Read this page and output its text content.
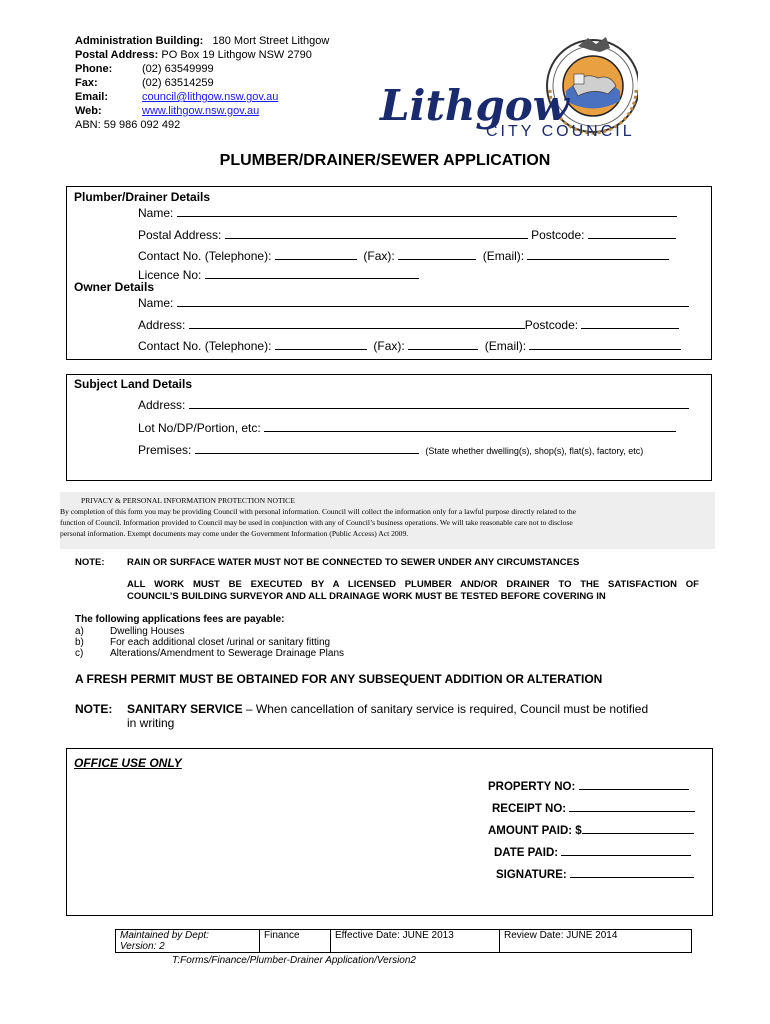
Administration Building: 180 Mort Street Lithgow
Postal Address: PO Box 19 Lithgow NSW 2790
Phone:	(02) 63549999
Fax:	(02) 63514259
Email:	council@lithgow.nsw.gov.au
Web:	www.lithgow.nsw.gov.au
ABN: 59 986 092 492	Lithgow
CITY COUNCIL
PLUMBER/DRAINER/SEWER APPLICATION
Plumber/Drainer Details
Name:
Postal Address:	Postcode:
Contact No. (Telephone):	(Fax):	(Email):
Licence No:
Owner Details
Name:
Address:	Postcode:
Contact No. (Telephone):	(Fax):	(Email):
Subject Land Details
Address:
Lot No/DP/Portion, etc:
Premises:	(State whether dwelling(s), shop(s), flat(s), factory, etc)
PRIVACY & PERSONAL INFORMATION PROTECTION NOTICE
By completion of this form you may be providing Council with personal information. Council will collect the information only for a lawful purpose directly related to the
function of Council. Information provided to Council may be used in conjunction with any of Council’s business operations. We will take reasonable care not to disclose
personal information. Exempt documents may come under the Government Information (Public Access) Act 2009.
NOTE: RAIN OR SURFACE WATER MUST NOT BE CONNECTED TO SEWER UNDER ANY CIRCUMSTANCES
ALL WORK MUST BE EXECUTED BY A LICENSED PLUMBER AND/OR DRAINER TO THE SATISFACTION OF
COUNCIL’S BUILDING SURVEYOR AND ALL DRAINAGE WORK MUST BE TESTED BEFORE COVERING IN
The following applications fees are payable:
a)	Dwelling Houses
b)	For each additional closet /urinal or sanitary fitting
c)	Alterations/Amendment to Sewerage Drainage Plans
A FRESH PERMIT MUST BE OBTAINED FOR ANY SUBSEQUENT ADDITION OR ALTERATION
NOTE: SANITARY SERVICE – When cancellation of sanitary service is required, Council must be notified
in writing
OFFICE USE ONLY
PROPERTY NO:
RECEIPT NO:
AMOUNT PAID: $
DATE PAID:
SIGNATURE:
Maintained by Dept:
Version: 2
	Finance	Effective Date: JUNE 2013	Review Date: JUNE 2014
T:Forms/Finance/Plumber-Drainer Application/Version2
